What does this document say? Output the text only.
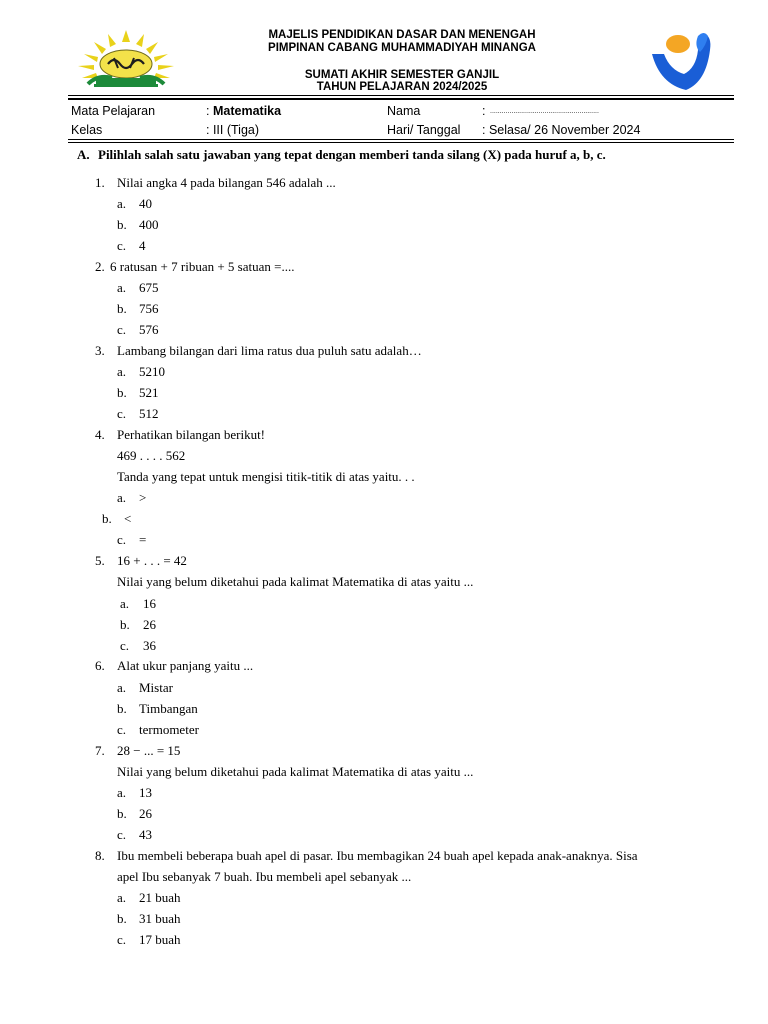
MAJELIS PENDIDIKAN DASAR DAN MENENGAH
PIMPINAN CABANG MUHAMMADIYAH MINANGA
SUMATI AKHIR SEMESTER GANJIL
TAHUN PELAJARAN 2024/2025
Mata Pelajaran	: Matematika	Nama	: ........................................................
Kelas	: III (Tiga)	Hari/ Tanggal : Selasa/ 26 November 2024
A. Pilihlah salah satu jawaban yang tepat dengan memberi tanda silang (X) pada huruf a, b, c.
1. Nilai angka 4 pada bilangan 546 adalah ...
a. 40
b. 400
c. 4
2. 6 ratusan + 7 ribuan + 5 satuan =....
a. 675
b. 756
c. 576
3. Lambang bilangan dari lima ratus dua puluh satu adalah…
a. 5210
b. 521
c. 512
4. Perhatikan bilangan berikut!
469 . . . . 562
Tanda yang tepat untuk mengisi titik-titik di atas yaitu. . .
a. >
b. <
c. =
5. 16 + . . . = 42
Nilai yang belum diketahui pada kalimat Matematika di atas yaitu ...
a. 16
b. 26
c. 36
6. Alat ukur panjang yaitu ...
a. Mistar
b. Timbangan
c. termometer
7. 28 − ... = 15
Nilai yang belum diketahui pada kalimat Matematika di atas yaitu ...
a. 13
b. 26
c. 43
8. Ibu membeli beberapa buah apel di pasar. Ibu membagikan 24 buah apel kepada anak-anaknya. Sisa
apel Ibu sebanyak 7 buah. Ibu membeli apel sebanyak ...
a. 21 buah
b. 31 buah
c. 17 buah
